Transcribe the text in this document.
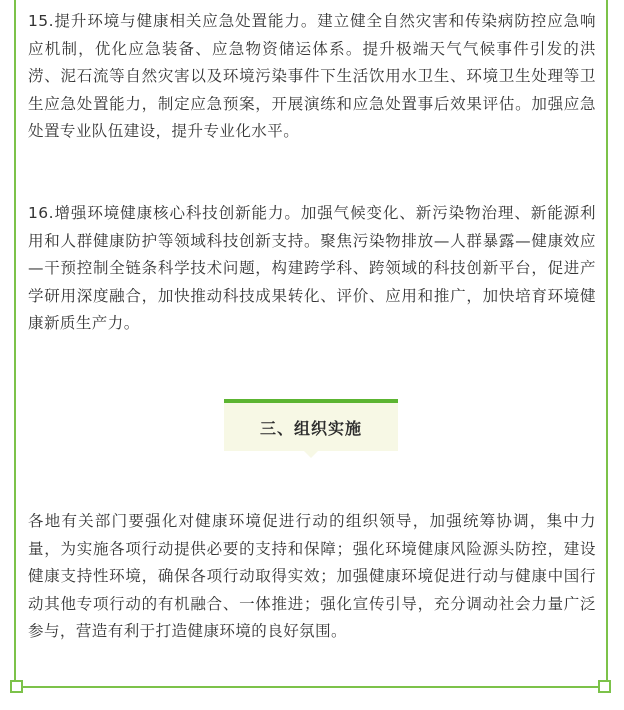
15.提升环境与健康相关应急处置能力。建立健全自然灾害和传染病防控应急响应机制，优化应急装备、应急物资储运体系。提升极端天气气候事件引发的洪涝、泥石流等自然灾害以及环境污染事件下生活饮用水卫生、环境卫生处理等卫生应急处置能力，制定应急预案，开展演练和应急处置事后效果评估。加强应急处置专业队伍建设，提升专业化水平。

16.增强环境健康核心科技创新能力。加强气候变化、新污染物治理、新能源利用和人群健康防护等领域科技创新支持。聚焦污染物排放—人群暴露—健康效应—干预控制全链条科学技术问题，构建跨学科、跨领域的科技创新平台，促进产学研用深度融合，加快推动科技成果转化、评价、应用和推广，加快培育环境健康新质生产力。

三、组织实施

各地有关部门要强化对健康环境促进行动的组织领导，加强统筹协调，集中力量，为实施各项行动提供必要的支持和保障；强化环境健康风险源头防控，建设健康支持性环境，确保各项行动取得实效；加强健康环境促进行动与健康中国行动其他专项行动的有机融合、一体推进；强化宣传引导，充分调动社会力量广泛参与，营造有利于打造健康环境的良好氛围。
